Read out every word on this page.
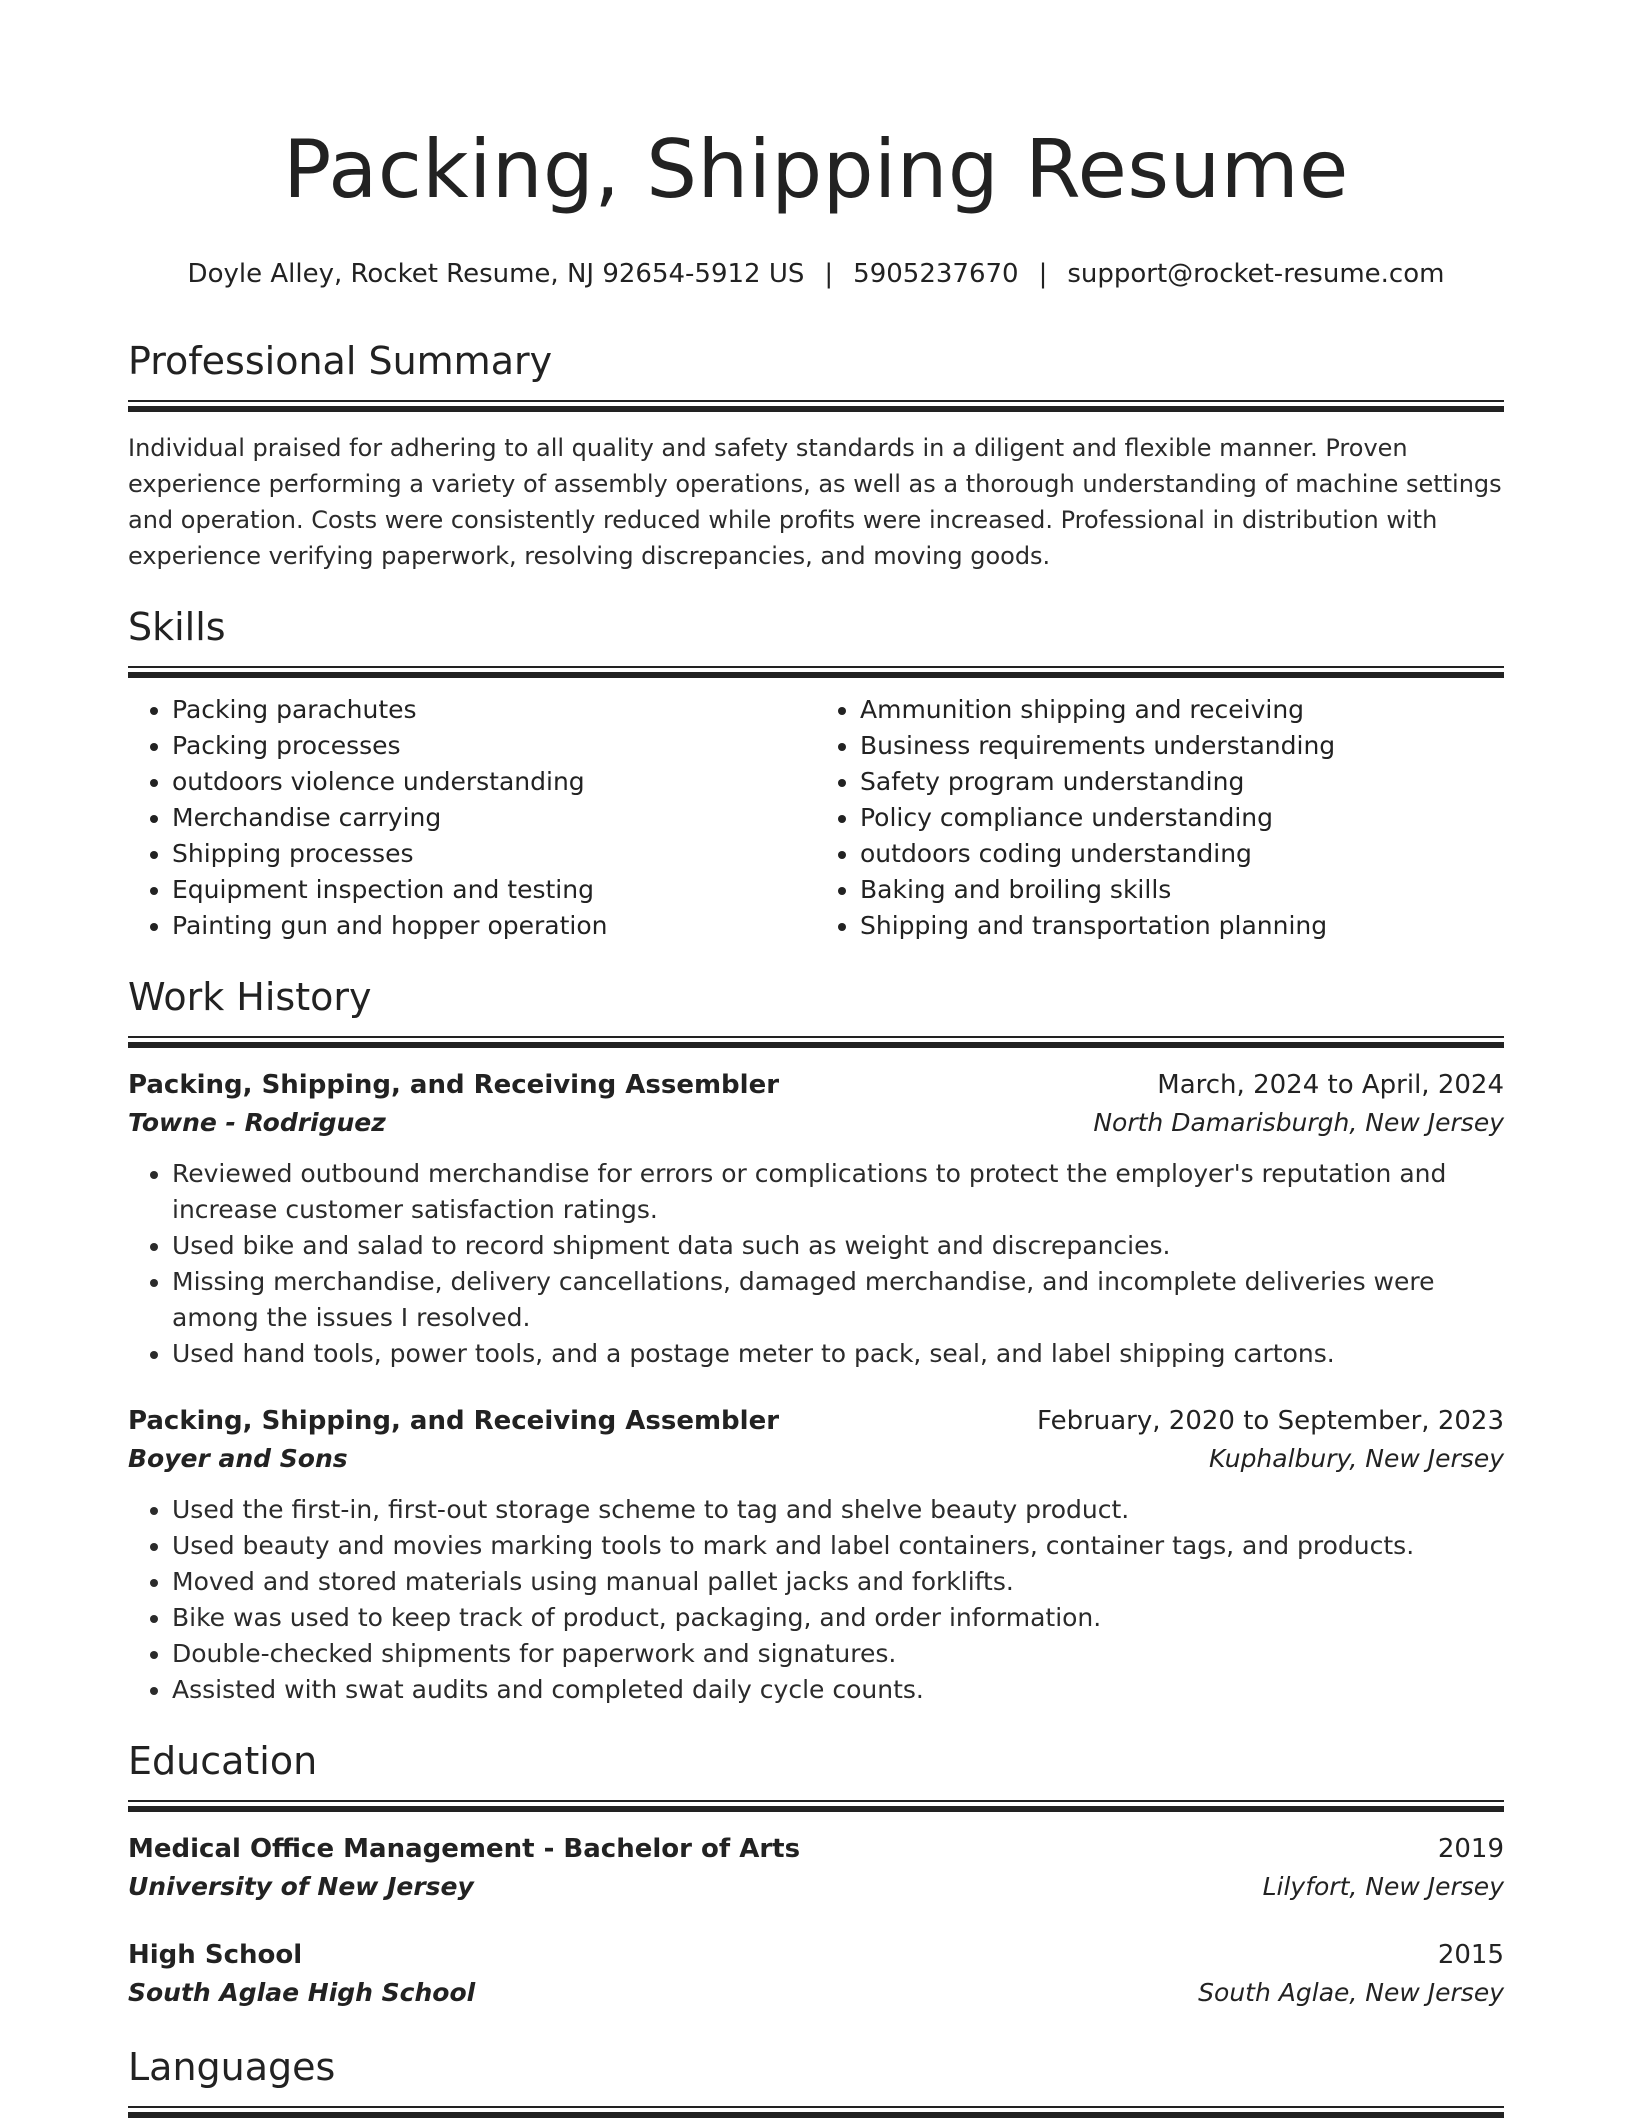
Packing, Shipping Resume
Doyle Alley, Rocket Resume, NJ 92654-5912 US | 5905237670 | support@rocket-resume.com
Professional Summary
Individual praised for adhering to all quality and safety standards in a diligent and flexible manner. Proven experience performing a variety of assembly operations, as well as a thorough understanding of machine settings and operation. Costs were consistently reduced while profits were increased. Professional in distribution with experience verifying paperwork, resolving discrepancies, and moving goods.
Skills
• Packing parachutes
• Packing processes
• outdoors violence understanding
• Merchandise carrying
• Shipping processes
• Equipment inspection and testing
• Painting gun and hopper operation
• Ammunition shipping and receiving
• Business requirements understanding
• Safety program understanding
• Policy compliance understanding
• outdoors coding understanding
• Baking and broiling skills
• Shipping and transportation planning
Work History
Packing, Shipping, and Receiving Assembler	March, 2024 to April, 2024
Towne - Rodriguez	North Damarisburgh, New Jersey
• Reviewed outbound merchandise for errors or complications to protect the employer's reputation and increase customer satisfaction ratings.
• Used bike and salad to record shipment data such as weight and discrepancies.
• Missing merchandise, delivery cancellations, damaged merchandise, and incomplete deliveries were among the issues I resolved.
• Used hand tools, power tools, and a postage meter to pack, seal, and label shipping cartons.
Packing, Shipping, and Receiving Assembler	February, 2020 to September, 2023
Boyer and Sons	Kuphalbury, New Jersey
• Used the first-in, first-out storage scheme to tag and shelve beauty product.
• Used beauty and movies marking tools to mark and label containers, container tags, and products.
• Moved and stored materials using manual pallet jacks and forklifts.
• Bike was used to keep track of product, packaging, and order information.
• Double-checked shipments for paperwork and signatures.
• Assisted with swat audits and completed daily cycle counts.
Education
Medical Office Management - Bachelor of Arts	2019
University of New Jersey	Lilyfort, New Jersey
High School	2015
South Aglae High School	South Aglae, New Jersey
Languages
